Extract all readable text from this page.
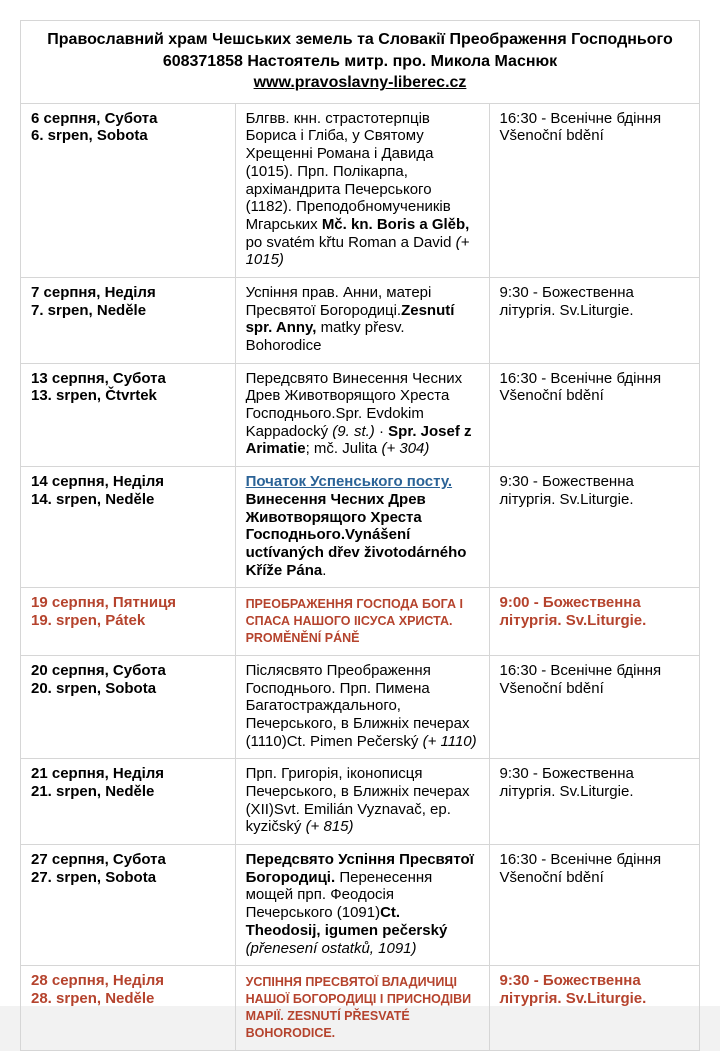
Православний храм Чешських земель та Словакії Преображення Господнього
608371858 Настоятель митр. про. Микола Маснюк
www.pravoslavny-liberec.cz		

6 серпня, Субота
6. srpen, Sobota	Блгвв. кнн. страстотерпців Бориса і Гліба, у Святому Хрещенні Романа і Давида (1015). Прп. Полікарпа, архімандрита Печерського (1182). Преподобномучеників Мгарських Mč. kn. Boris a Glěb, po svatém křtu Roman a David (+ 1015)	16:30 - Всенічне бдіння Všenoční bdění

7 серпня, Неділя
7. srpen, Neděle	Успіння прав. Анни, матері Пресвятої Богородиці.Zesnutí spr. Anny, matky přesv. Bohorodice	9:30 - Божественна літургія. Sv.Liturgie.

13 серпня, Субота
13. srpen, Čtvrtek	Передсвято Винесення Чесних Древ Животворящого Хреста Господнього.Spr. Evdokim Kappadocký (9. st.) · Spr. Josef z Arimatie; mč. Julita (+ 304)	16:30 - Всенічне бдіння Všenoční bdění

14 серпня, Неділя
14. srpen, Neděle	Початок Успенського посту. Винесення Чесних Древ Животворящого Хреста Господнього.Vynášení uctívaných dřev životodárného Kříže Pána.	9:30 - Божественна літургія. Sv.Liturgie.

19 серпня, Пятниця
19. srpen, Pátek	ПРЕОБРАЖЕННЯ ГОСПОДА БОГА І СПАСА НАШОГО ІІСУСА ХРИСТА. PROMĚNĚNÍ PÁNĚ	9:00 - Божественна літургія. Sv.Liturgie.

20 серпня, Субота
20. srpen, Sobota	Післясвято Преображення Господнього. Прп. Пимена Багатостраждального, Печерського, в Ближніх печерах (1110)Ct. Pimen Pečerský (+ 1110)	16:30 - Всенічне бдіння Všenoční bdění

21 серпня, Неділя
21. srpen, Neděle	Прп. Григорія, іконописця Печерського, в Ближніх печерах (XII)Svt. Emilián Vyznavač, ep. kyzičský (+ 815)	9:30 - Божественна літургія. Sv.Liturgie.

27 серпня, Субота
27. srpen, Sobota	Передсвято Успіння Пресвятої Богородиці. Перенесення мощей прп. Феодосія Печерського (1091)Ct. Theodosij, igumen pečerský (přenesení ostatků, 1091)	16:30 - Всенічне бдіння Všenoční bdění

28 серпня, Неділя
28. srpen, Neděle	УСПІННЯ ПРЕСВЯТОЇ ВЛАДИЧИЦІ НАШОЇ БОГОРОДИЦІ І ПРИСНОДІВИ МАРІЇ. ZESNUTÍ PŘESVATÉ BOHORODICE.	9:30 - Божественна літургія. Sv.Liturgie.
